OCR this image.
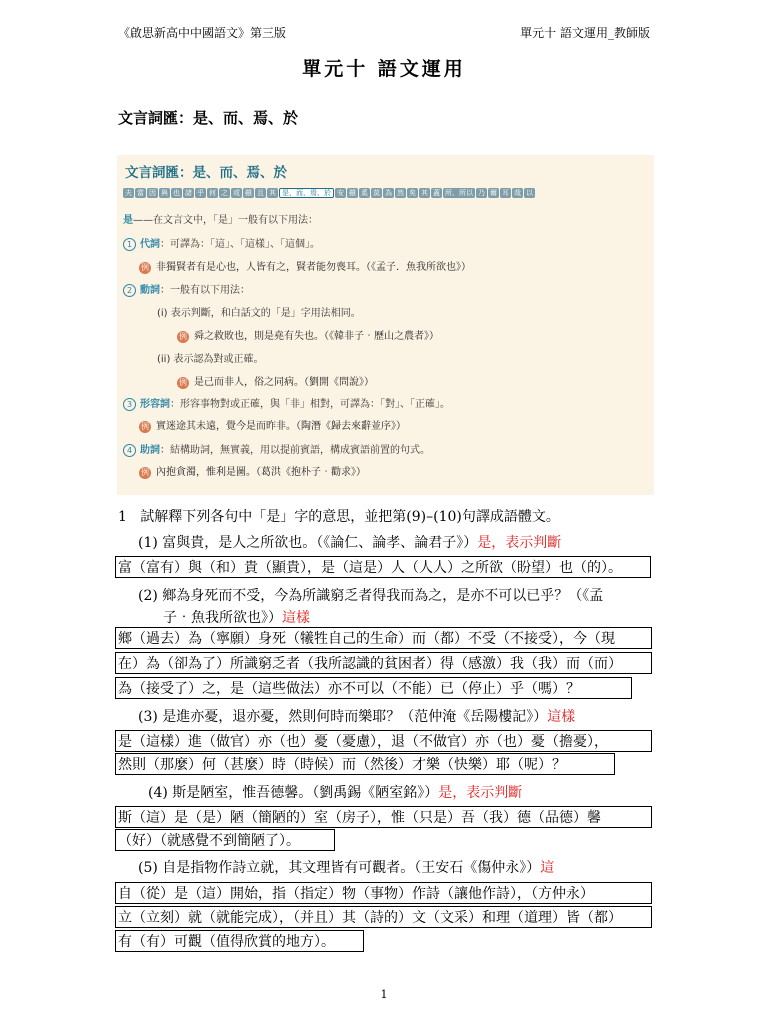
《啟思新高中中國語文》第三版	單元十 語文運用_教師版
單元十 語文運用
文言詞匯：是、而、焉、於
文言詞匯：是、而、焉、於
夫 當 因 與 也 諸 乎 何 之 或 雖 且 其 是、而、焉、於 安 雖 奚 莫 為 然 矣 其 蓋 所、所以 乃 爾 耳 哉 以
是——在文言文中，「是」一般有以下用法：
1 代詞：可譯為：「這」、「這樣」、「這個」。
例 非獨賢者有是心也，人皆有之，賢者能勿喪耳。（《孟子．魚我所欲也》）
2 動詞：一般有以下用法：
(i) 表示判斷，和白話文的「是」字用法相同。
例 舜之救敗也，則是堯有失也。（《韓非子‧歷山之農者》）
(ii) 表示認為對或正確。
例 是己而非人，俗之同病。（劉開《問說》）
3 形容詞：形容事物對或正確，與「非」相對，可譯為：「對」、「正確」。
例 實迷途其未遠，覺今是而昨非。（陶潛《歸去來辭並序》）
4 助詞：結構助詞，無實義，用以提前賓語，構成賓語前置的句式。
例 內抱貪濁，惟利是圖。（葛洪《抱朴子‧勸求》）
1 試解釋下列各句中「是」字的意思，並把第(9)–(10)句譯成語體文。
(1) 富與貴，是人之所欲也。（《論仁、論孝、論君子》）是，表示判斷
富（富有）與（和）貴（顯貴），是（這是）人（人人）之所欲（盼望）也（的）。
(2) 鄉為身死而不受，今為所識窮乏者得我而為之，是亦不可以已乎？（《孟
子‧魚我所欲也》）這樣
鄉（過去）為（寧願）身死（犧牲自己的生命）而（都）不受（不接受），今（現
在）為（卻為了）所識窮乏者（我所認識的貧困者）得（感激）我（我）而（而）
為（接受了）之，是（這些做法）亦不可以（不能）已（停止）乎（嗎）？
(3) 是進亦憂，退亦憂，然則何時而樂耶？（范仲淹《岳陽樓記》）這樣
是（這樣）進（做官）亦（也）憂（憂慮），退（不做官）亦（也）憂（擔憂），
然則（那麼）何（甚麼）時（時候）而（然後）才樂（快樂）耶（呢）？
(4) 斯是陋室，惟吾德馨。（劉禹錫《陋室銘》）是，表示判斷
斯（這）是（是）陋（簡陋的）室（房子），惟（只是）吾（我）德（品德）馨
（好）（就感覺不到簡陋了）。
(5) 自是指物作詩立就，其文理皆有可觀者。（王安石《傷仲永》）這
自（從）是（這）開始，指（指定）物（事物）作詩（讓他作詩），（方仲永）
立（立刻）就（就能完成），（并且）其（詩的）文（文采）和理（道理）皆（都）
有（有）可觀（值得欣賞的地方）。
1
